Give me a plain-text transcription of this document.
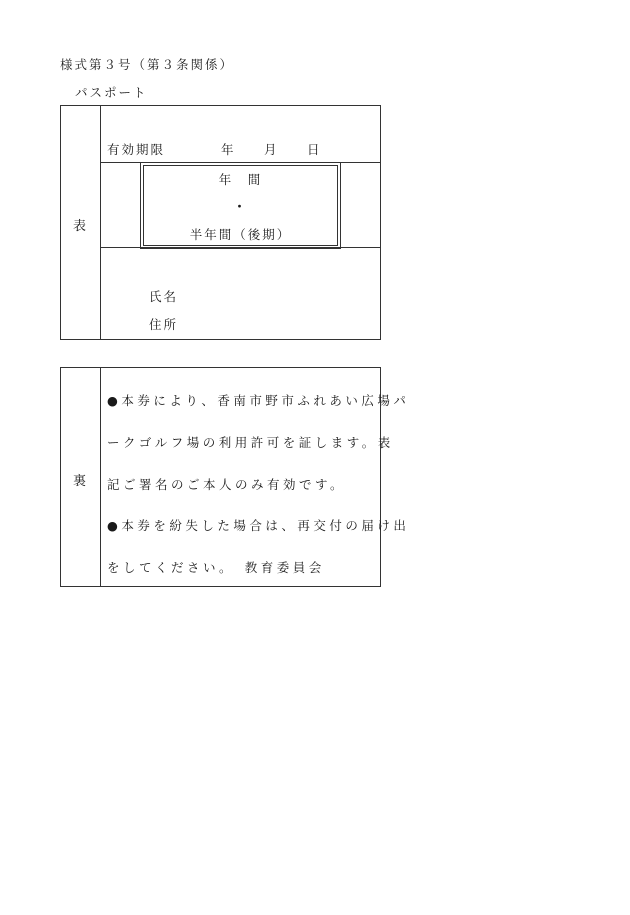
様式第３号（第３条関係）
パスポート
表
有効期限	年 月 日
年　間
・
半年間（後期）
氏名
住所
裏
●本券により、香南市野市ふれあい広場パ
ークゴルフ場の利用許可を証します。表
記ご署名のご本人のみ有効です。
●本券を紛失した場合は、再交付の届け出
をしてください。　教育委員会
